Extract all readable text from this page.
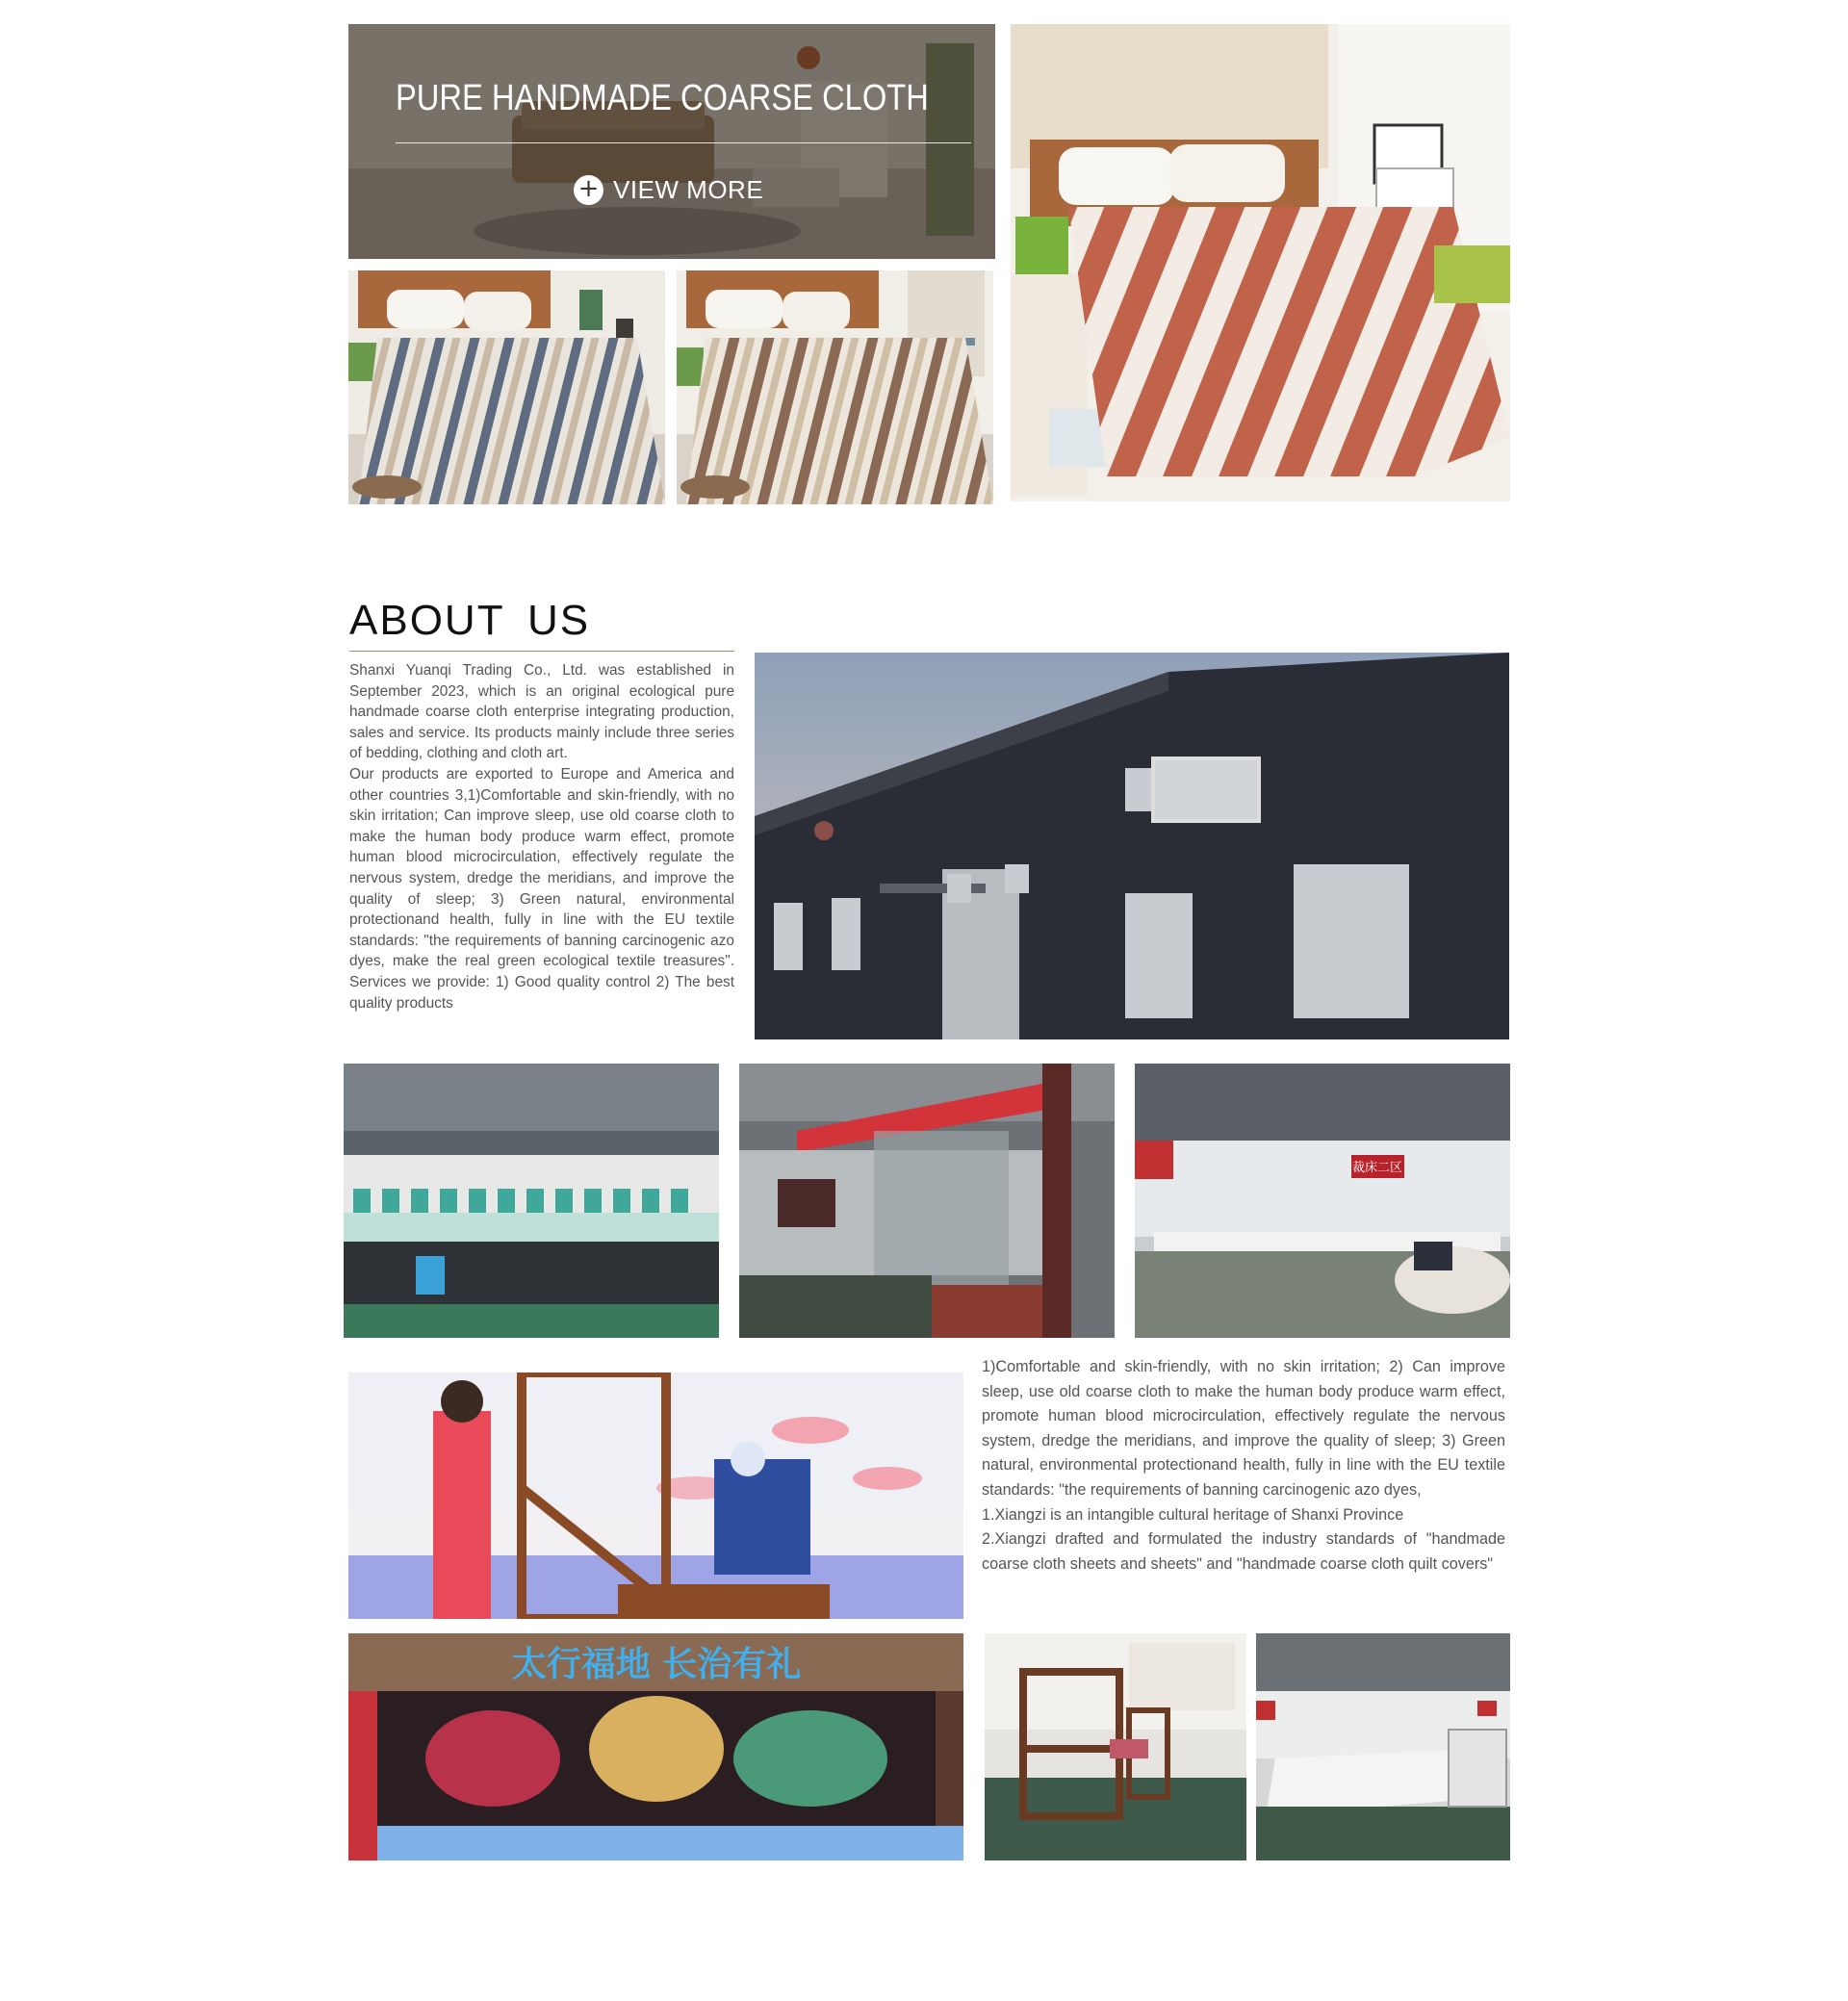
PURE HANDMADE COARSE CLOTH
+ VIEW MORE
ABOUT US

Shanxi Yuanqi Trading Co., Ltd. was established in September 2023, which is an original ecological pure handmade coarse cloth enterprise integrating production, sales and service. Its products mainly include three series of bedding, clothing and cloth art.

Our products are exported to Europe and America and other countries 3,1)Comfortable and skin-friendly, with no skin irritation; Can improve sleep, use old coarse cloth to make the human body produce warm effect, promote human blood microcirculation, effectively regulate the nervous system, dredge the meridians, and improve the quality of sleep; 3) Green natural, environmental protectionand health, fully in line with the EU textile standards: "the requirements of banning carcinogenic azo dyes, make the real green ecological textile treasures". Services we provide: 1) Good quality control 2) The best quality products

裁床二区

1)Comfortable and skin-friendly, with no skin irritation; 2) Can improve sleep, use old coarse cloth to make the human body produce warm effect, promote human blood microcirculation, effectively regulate the nervous system, dredge the meridians, and improve the quality of sleep; 3) Green natural, environmental protectionand health, fully in line with the EU textile standards: "the requirements of banning carcinogenic azo dyes,

1.Xiangzi is an intangible cultural heritage of Shanxi Province

2.Xiangzi drafted and formulated the industry standards of "handmade coarse cloth sheets and sheets" and "handmade coarse cloth quilt covers"

太行福地 长治有礼
